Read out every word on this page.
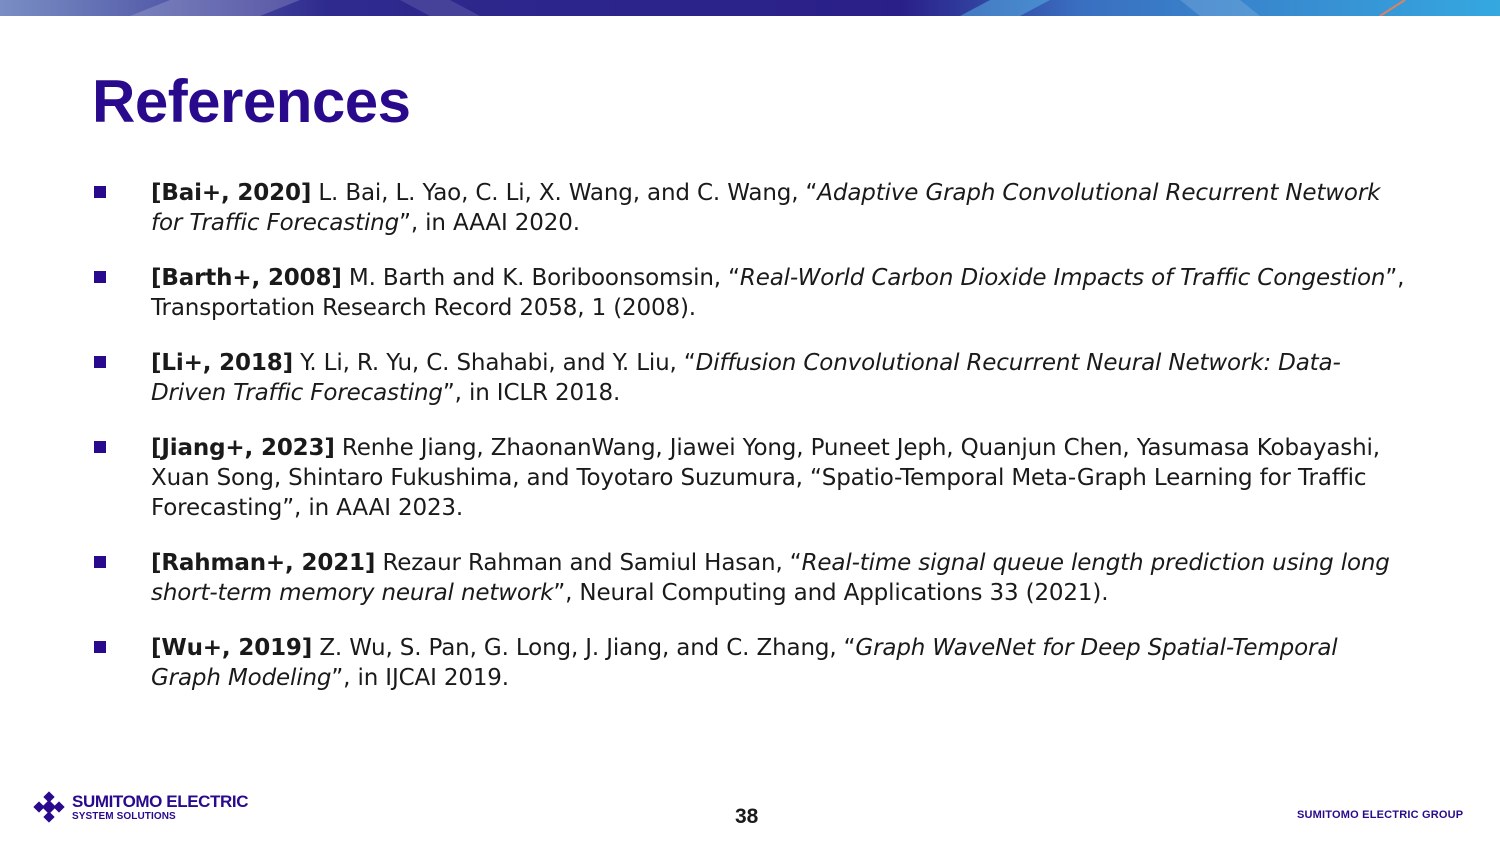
References
[Bai+, 2020] L. Bai, L. Yao, C. Li, X. Wang, and C. Wang, “Adaptive Graph Convolutional Recurrent Network for Traffic Forecasting”, in AAAI 2020.
[Barth+, 2008] M. Barth and K. Boriboonsomsin, “Real-World Carbon Dioxide Impacts of Traffic Congestion”, Transportation Research Record 2058, 1 (2008).
[Li+, 2018] Y. Li, R. Yu, C. Shahabi, and Y. Liu, “Diffusion Convolutional Recurrent Neural Network: Data-Driven Traffic Forecasting”, in ICLR 2018.
[Jiang+, 2023] Renhe Jiang, ZhaonanWang, Jiawei Yong, Puneet Jeph, Quanjun Chen, Yasumasa Kobayashi, Xuan Song, Shintaro Fukushima, and Toyotaro Suzumura, “Spatio-Temporal Meta-Graph Learning for Traffic Forecasting”, in AAAI 2023.
[Rahman+, 2021] Rezaur Rahman and Samiul Hasan, “Real-time signal queue length prediction using long short-term memory neural network”, Neural Computing and Applications 33 (2021).
[Wu+, 2019] Z. Wu, S. Pan, G. Long, J. Jiang, and C. Zhang, “Graph WaveNet for Deep Spatial-Temporal Graph Modeling”, in IJCAI 2019.
SUMITOMO ELECTRIC
SYSTEM SOLUTIONS	38	SUMITOMO ELECTRIC GROUP
